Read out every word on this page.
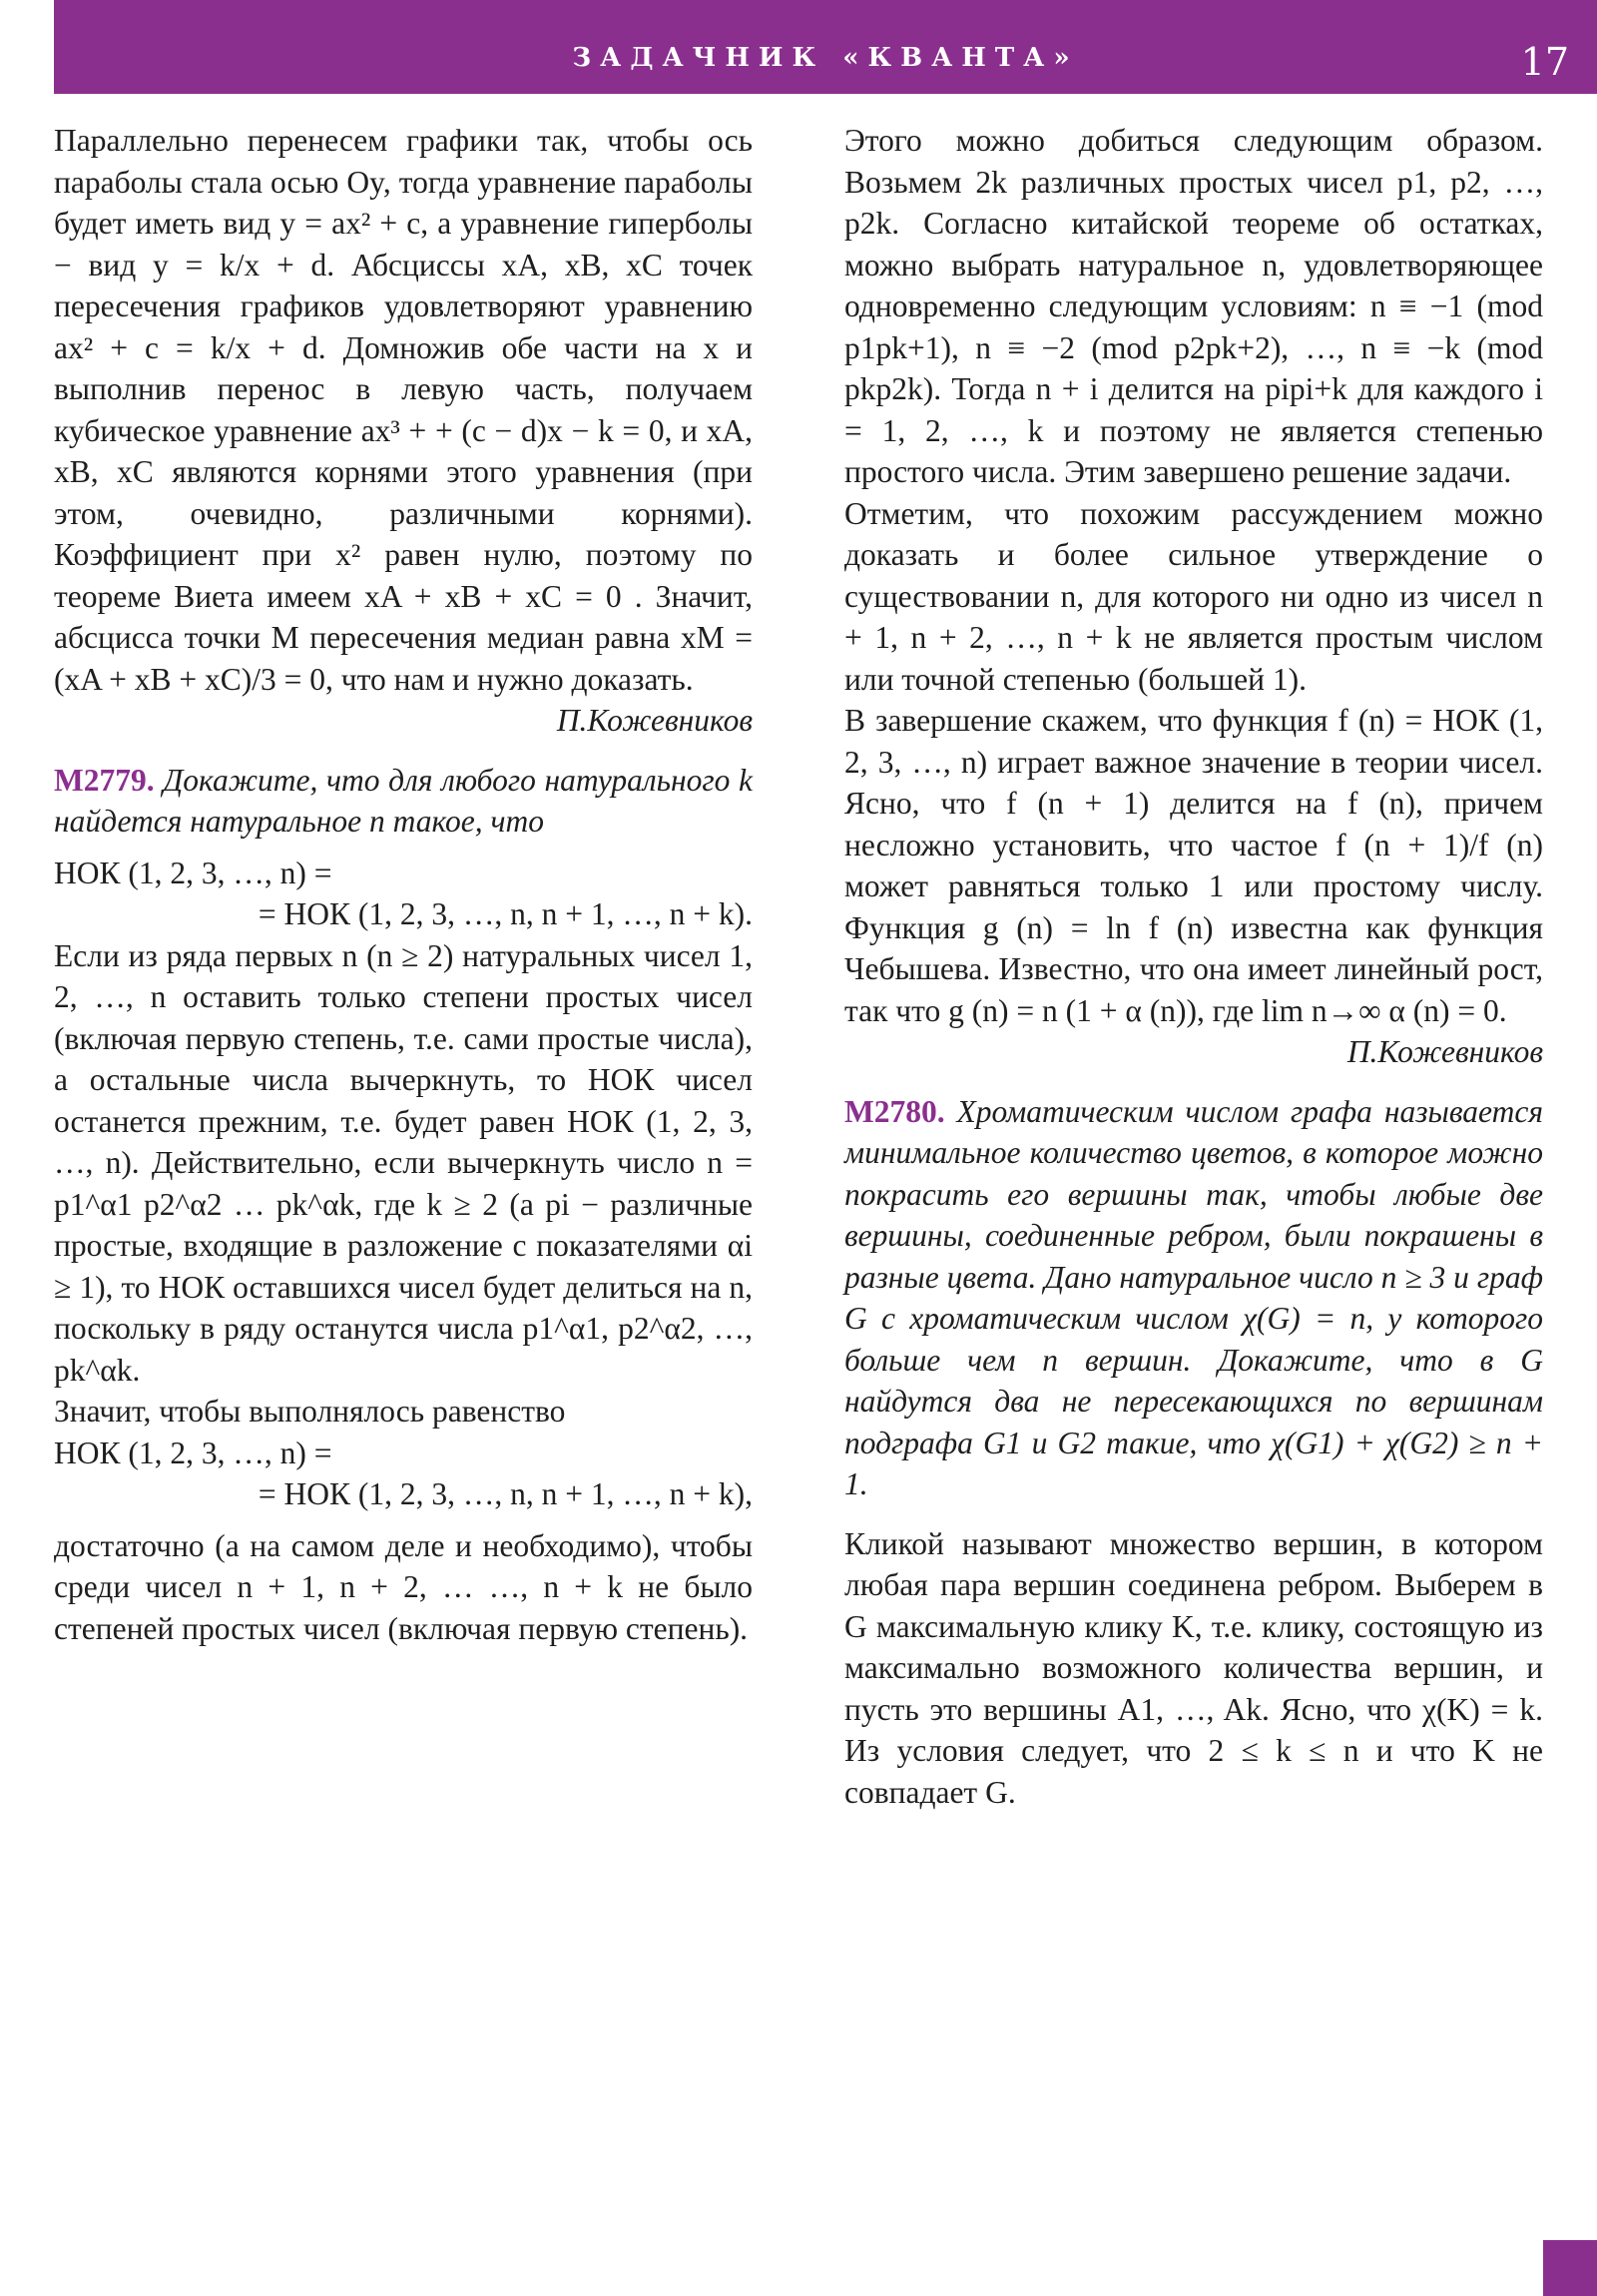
ЗАДАЧНИК «КВАНТА»	17

Параллельно перенесем графики так, чтобы ось параболы стала осью Oy, тогда уравнение параболы будет иметь вид y = ax² + c, а уравнение гиперболы − вид y = k/x + d. Абсциссы xA, xB, xC точек пересечения графиков удовлетворяют уравнению ax² + c = k/x + d. Домножив обе части на x и выполнив перенос в левую часть, получаем кубическое уравнение ax³ + + (c − d)x − k = 0, и xA, xB, xC являются корнями этого уравнения (при этом, очевидно, различными корнями). Коэффициент при x² равен нулю, поэтому по теореме Виета имеем xA + xB + xC = 0 . Значит, абсцисса точки M пересечения медиан равна xM = (xA + xB + xC)/3 = 0, что нам и нужно доказать.

П.Кожевников

М2779. Докажите, что для любого натурального k найдется натуральное n такое, что

НОК (1, 2, 3, …, n) =

= НОК (1, 2, 3, …, n, n + 1, …, n + k).

Если из ряда первых n (n ≥ 2) натуральных чисел 1, 2, …, n оставить только степени простых чисел (включая первую степень, т.е. сами простые числа), а остальные числа вычеркнуть, то НОК чисел останется прежним, т.е. будет равен НОК (1, 2, 3, …, n). Действительно, если вычеркнуть число n = p1^α1 p2^α2 … pk^αk, где k ≥ 2 (а pi − различные простые, входящие в разложение с показателями αi ≥ 1), то НОК оставшихся чисел будет делиться на n, поскольку в ряду останутся числа p1^α1, p2^α2, …, pk^αk.

Значит, чтобы выполнялось равенство

НОК (1, 2, 3, …, n) =

= НОК (1, 2, 3, …, n, n + 1, …, n + k),

достаточно (а на самом деле и необходимо), чтобы среди чисел n + 1, n + 2, … …, n + k не было степеней простых чисел (включая первую степень).

Этого можно добиться следующим образом. Возьмем 2k различных простых чисел p1, p2, …, p2k. Согласно китайской теореме об остатках, можно выбрать натуральное n, удовлетворяющее одновременно следующим условиям: n ≡ −1 (mod p1pk+1), n ≡ −2 (mod p2pk+2), …, n ≡ −k (mod pkp2k). Тогда n + i делится на pipi+k для каждого i = 1, 2, …, k и поэтому не является степенью простого числа. Этим завершено решение задачи.

Отметим, что похожим рассуждением можно доказать и более сильное утверждение о существовании n, для которого ни одно из чисел n + 1, n + 2, …, n + k не является простым числом или точной степенью (большей 1).

В завершение скажем, что функция f (n) = НОК (1, 2, 3, …, n) играет важное значение в теории чисел. Ясно, что f (n + 1) делится на f (n), причем несложно установить, что частое f (n + 1)/f (n) может равняться только 1 или простому числу. Функция g (n) = ln f (n) известна как функция Чебышева. Известно, что она имеет линейный рост, так что g (n) = n (1 + α (n)), где lim n→∞ α (n) = 0.

П.Кожевников

М2780. Хроматическим числом графа называется минимальное количество цветов, в которое можно покрасить его вершины так, чтобы любые две вершины, соединенные ребром, были покрашены в разные цвета. Дано натуральное число n ≥ 3 и граф G с хроматическим числом χ(G) = n, у которого больше чем n вершин. Докажите, что в G найдутся два не пересекающихся по вершинам подграфа G1 и G2 такие, что χ(G1) + χ(G2) ≥ n + 1.

Кликой называют множество вершин, в котором любая пара вершин соединена ребром. Выберем в G максимальную клику K, т.е. клику, состоящую из максимально возможного количества вершин, и пусть это вершины A1, …, Ak. Ясно, что χ(K) = k. Из условия следует, что 2 ≤ k ≤ n и что K не совпадает G.
